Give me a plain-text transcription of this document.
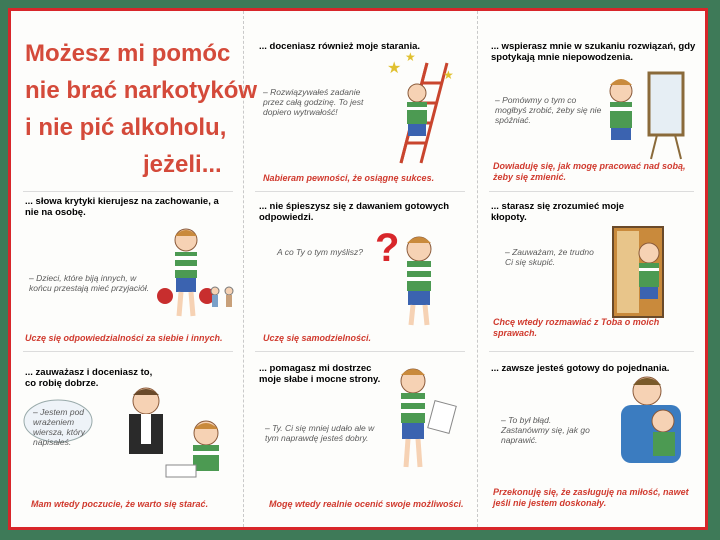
Możesz mi pomóc
nie brać narkotyków
i nie pić alkoholu,
jeżeli...
... słowa krytyki kierujesz na zachowanie, a nie na osobę.
– Dzieci, które biją innych, w końcu przestają mieć przyjaciół.
Uczę się odpowiedzialności za siebie i innych.
... zauważasz i doceniasz to, co robię dobrze.
– Jestem pod wrażeniem wiersza, który napisałeś.
Mam wtedy poczucie, że warto się starać.
... doceniasz również moje starania.
– Rozwiązywałeś zadanie przez całą godzinę. To jest dopiero wytrwałość!
★
★
★
Nabieram pewności, że osiągnę sukces.
... nie śpieszysz się z dawaniem gotowych odpowiedzi.
A co Ty o tym myślisz? ?
Uczę się samodzielności.
... pomagasz mi dostrzec moje słabe i mocne strony.
– Ty. Ci się mniej udało ale w tym naprawdę jesteś dobry.
Mogę wtedy realnie ocenić swoje możliwości.
... wspierasz mnie w szukaniu rozwiązań, gdy spotykają mnie niepowodzenia.
– Pomówmy o tym co mogłbyś zrobić, żeby się nie spóźniać.
Dowiaduję się, jak mogę pracować nad sobą, żeby się zmienić.
... starasz się zrozumieć moje kłopoty.
– Zauważam, że trudno Ci się skupić.
Chcę wtedy rozmawiać z Toba o moich sprawach.
... zawsze jesteś gotowy do pojednania.
– To był błąd. Zastanówmy się, jak go naprawić.
Przekonuję się, że zasługuję na miłość, nawet jeśli nie jestem doskonały.
